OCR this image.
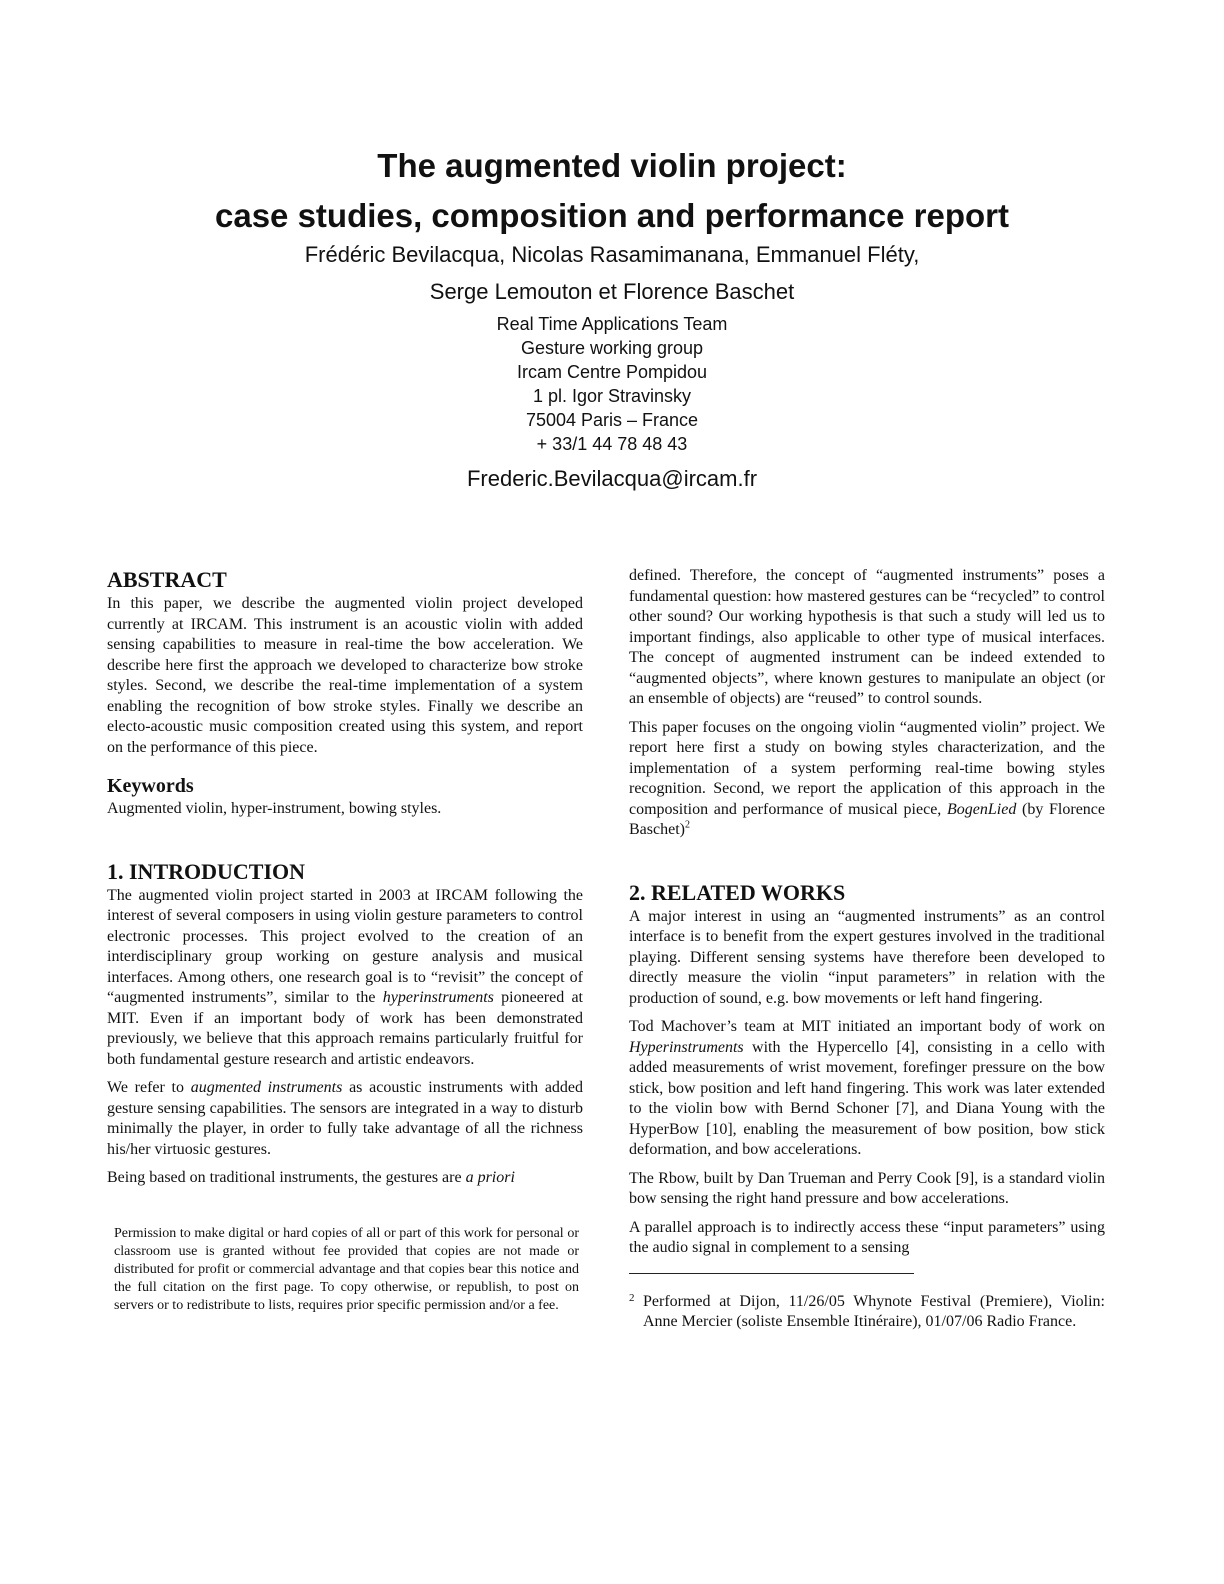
The augmented violin project:
case studies, composition and performance report
Frédéric Bevilacqua, Nicolas Rasamimanana, Emmanuel Fléty,
Serge Lemouton et Florence Baschet
Real Time Applications Team
Gesture working group
Ircam Centre Pompidou
1 pl. Igor Stravinsky
75004 Paris – France
+ 33/1 44 78 48 43
Frederic.Bevilacqua@ircam.fr
ABSTRACT

In this paper, we describe the augmented violin project developed currently at IRCAM. This instrument is an acoustic violin with added sensing capabilities to measure in real-time the bow acceleration. We describe here first the approach we developed to characterize bow stroke styles. Second, we describe the real-time implementation of a system enabling the recognition of bow stroke styles. Finally we describe an electo-acoustic music composition created using this system, and report on the performance of this piece.

Keywords

Augmented violin, hyper-instrument, bowing styles.

1. INTRODUCTION

The augmented violin project started in 2003 at IRCAM following the interest of several composers in using violin gesture parameters to control electronic processes. This project evolved to the creation of an interdisciplinary group working on gesture analysis and musical interfaces. Among others, one research goal is to “revisit” the concept of “augmented instruments”, similar to the hyperinstruments pioneered at MIT. Even if an important body of work has been demonstrated previously, we believe that this approach remains particularly fruitful for both fundamental gesture research and artistic endeavors.

We refer to augmented instruments as acoustic instruments with added gesture sensing capabilities. The sensors are integrated in a way to disturb minimally the player, in order to fully take advantage of all the richness his/her virtuosic gestures.

Being based on traditional instruments, the gestures are a priori

Permission to make digital or hard copies of all or part of this work for personal or classroom use is granted without fee provided that copies are not made or distributed for profit or commercial advantage and that copies bear this notice and the full citation on the first page. To copy otherwise, or republish, to post on servers or to redistribute to lists, requires prior specific permission and/or a fee.

defined. Therefore, the concept of “augmented instruments” poses a fundamental question: how mastered gestures can be “recycled” to control other sound? Our working hypothesis is that such a study will led us to important findings, also applicable to other type of musical interfaces. The concept of augmented instrument can be indeed extended to “augmented objects”, where known gestures to manipulate an object (or an ensemble of objects) are “reused” to control sounds.

This paper focuses on the ongoing violin “augmented violin” project. We report here first a study on bowing styles characterization, and the implementation of a system performing real-time bowing styles recognition. Second, we report the application of this approach in the composition and performance of musical piece, BogenLied (by Florence Baschet)$^2$

2. RELATED WORKS

A major interest in using an “augmented instruments” as an control interface is to benefit from the expert gestures involved in the traditional playing. Different sensing systems have therefore been developed to directly measure the violin “input parameters” in relation with the production of sound, e.g. bow movements or left hand fingering.

Tod Machover’s team at MIT initiated an important body of work on Hyperinstruments with the Hypercello [4], consisting in a cello with added measurements of wrist movement, forefinger pressure on the bow stick, bow position and left hand fingering. This work was later extended to the violin bow with Bernd Schoner [7], and Diana Young with the HyperBow [10], enabling the measurement of bow position, bow stick deformation, and bow accelerations.

The Rbow, built by Dan Trueman and Perry Cook [9], is a standard violin bow sensing the right hand pressure and bow accelerations.

A parallel approach is to indirectly access these “input parameters” using the audio signal in complement to a sensing

2 Performed at Dijon, 11/26/05 Whynote Festival (Premiere), Violin: Anne Mercier (soliste Ensemble Itinéraire), 01/07/06 Radio France.
